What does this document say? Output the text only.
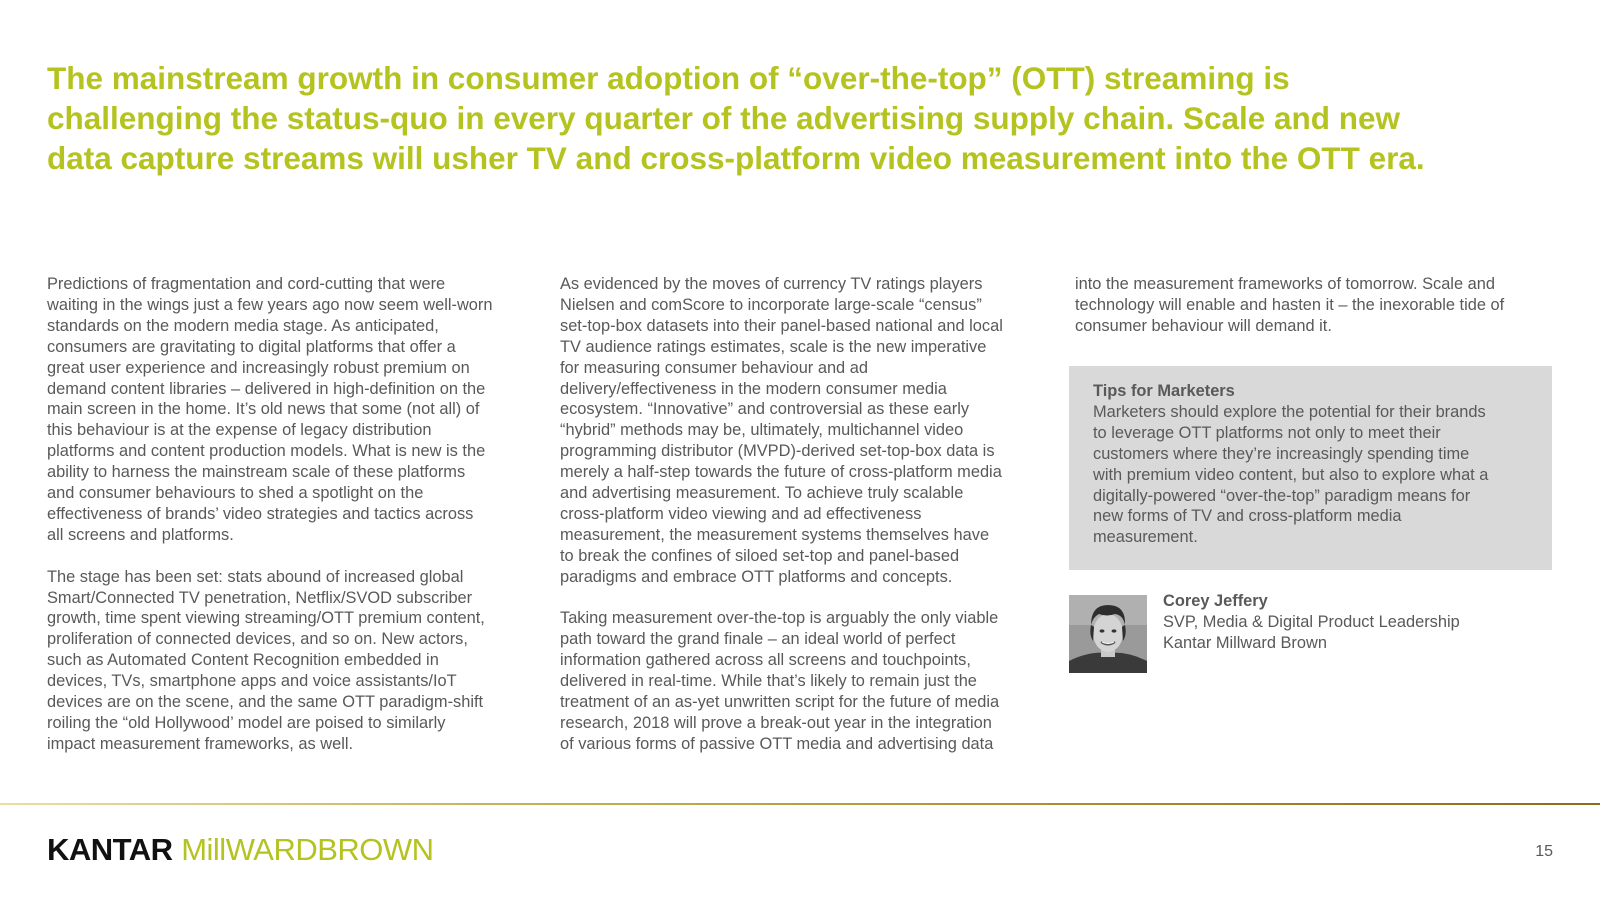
The mainstream growth in consumer adoption of “over-the-top” (OTT) streaming is
challenging the status-quo in every quarter of the advertising supply chain. Scale and new
data capture streams will usher TV and cross-platform video measurement into the OTT era.

Predictions of fragmentation and cord-cutting that were
waiting in the wings just a few years ago now seem well-worn
standards on the modern media stage. As anticipated,
consumers are gravitating to digital platforms that offer a
great user experience and increasingly robust premium on
demand content libraries – delivered in high-definition on the
main screen in the home. It’s old news that some (not all) of
this behaviour is at the expense of legacy distribution
platforms and content production models. What is new is the
ability to harness the mainstream scale of these platforms
and consumer behaviours to shed a spotlight on the
effectiveness of brands’ video strategies and tactics across
all screens and platforms.

The stage has been set: stats abound of increased global
Smart/Connected TV penetration, Netflix/SVOD subscriber
growth, time spent viewing streaming/OTT premium content,
proliferation of connected devices, and so on. New actors,
such as Automated Content Recognition embedded in
devices, TVs, smartphone apps and voice assistants/IoT
devices are on the scene, and the same OTT paradigm-shift
roiling the “old Hollywood’ model are poised to similarly
impact measurement frameworks, as well.

As evidenced by the moves of currency TV ratings players
Nielsen and comScore to incorporate large-scale “census”
set-top-box datasets into their panel-based national and local
TV audience ratings estimates, scale is the new imperative
for measuring consumer behaviour and ad
delivery/effectiveness in the modern consumer media
ecosystem. “Innovative” and controversial as these early
“hybrid” methods may be, ultimately, multichannel video
programming distributor (MVPD)-derived set-top-box data is
merely a half-step towards the future of cross-platform media
and advertising measurement. To achieve truly scalable
cross-platform video viewing and ad effectiveness
measurement, the measurement systems themselves have
to break the confines of siloed set-top and panel-based
paradigms and embrace OTT platforms and concepts.

Taking measurement over-the-top is arguably the only viable
path toward the grand finale – an ideal world of perfect
information gathered across all screens and touchpoints,
delivered in real-time. While that’s likely to remain just the
treatment of an as-yet unwritten script for the future of media
research, 2018 will prove a break-out year in the integration
of various forms of passive OTT media and advertising data

into the measurement frameworks of tomorrow. Scale and
technology will enable and hasten it – the inexorable tide of
consumer behaviour will demand it.

Tips for Marketers
Marketers should explore the potential for their brands
to leverage OTT platforms not only to meet their
customers where they’re increasingly spending time
with premium video content, but also to explore what a
digitally-powered “over-the-top” paradigm means for
new forms of TV and cross-platform media
measurement.
Corey Jeffery
SVP, Media & Digital Product Leadership
Kantar Millward Brown
KANTAR MillWARDBROWN	15
